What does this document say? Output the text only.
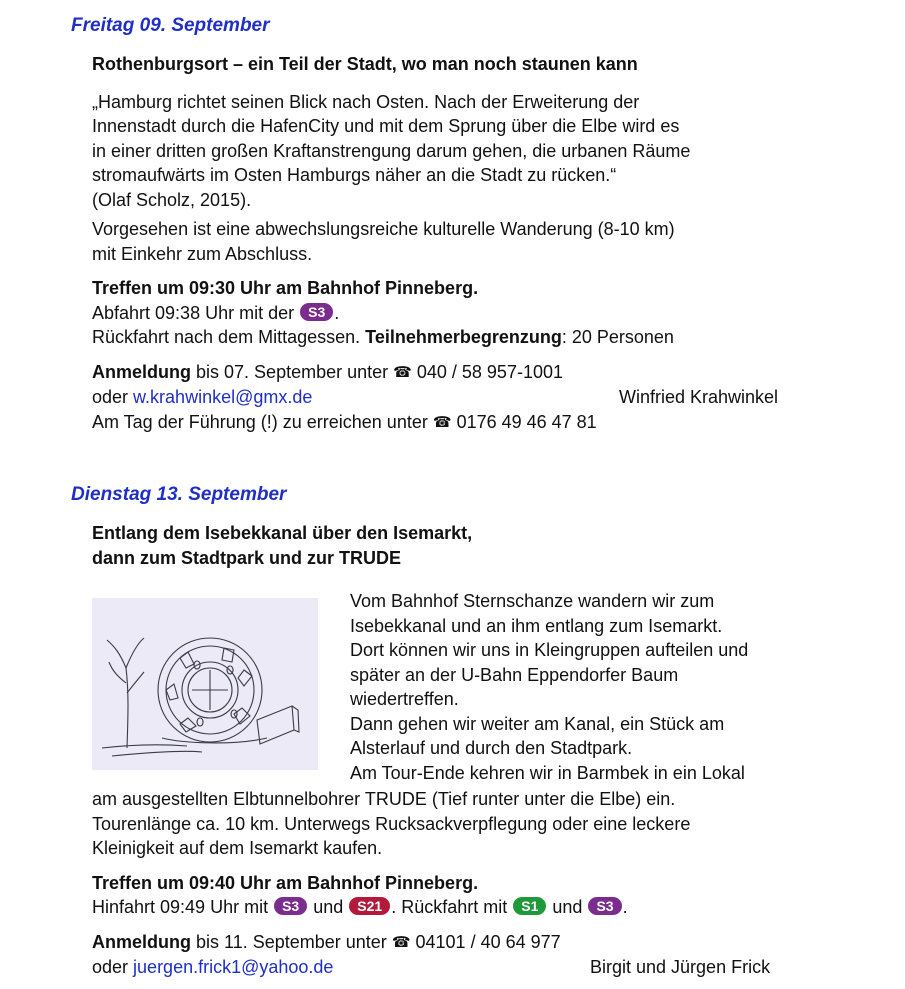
Freitag 09. September

Rothenburgsort – ein Teil der Stadt, wo man noch staunen kann

„Hamburg richtet seinen Blick nach Osten. Nach der Erweiterung der

Innenstadt durch die HafenCity und mit dem Sprung über die Elbe wird es

in einer dritten großen Kraftanstrengung darum gehen, die urbanen Räume

stromaufwärts im Osten Hamburgs näher an die Stadt zu rücken.“

(Olaf Scholz, 2015).

Vorgesehen ist eine abwechslungsreiche kulturelle Wanderung (8-10 km)

mit Einkehr zum Abschluss.

Treffen um 09:30 Uhr am Bahnhof Pinneberg.

Abfahrt 09:38 Uhr mit der S3 .

Rückfahrt nach dem Mittagessen. Teilnehmerbegrenzung: 20 Personen

Anmeldung bis 07. September unter ☎ 040 / 58 957-1001

oder w.krahwinkel@gmx.de	Winfried Krahwinkel

Am Tag der Führung (!) zu erreichen unter ☎ 0176 49 46 47 81

Dienstag 13. September

Entlang dem Isebekkanal über den Isemarkt,

dann zum Stadtpark und zur TRUDE

Vom Bahnhof Sternschanze wandern wir zum

Isebekkanal und an ihm entlang zum Isemarkt.

Dort können wir uns in Kleingruppen aufteilen und

später an der U-Bahn Eppendorfer Baum

wiedertreffen.

Dann gehen wir weiter am Kanal, ein Stück am

Alsterlauf und durch den Stadtpark.

Am Tour-Ende kehren wir in Barmbek in ein Lokal

am ausgestellten Elbtunnelbohrer TRUDE (Tief runter unter die Elbe) ein.

Tourenlänge ca. 10 km. Unterwegs Rucksackverpflegung oder eine leckere

Kleinigkeit auf dem Isemarkt kaufen.

Treffen um 09:40 Uhr am Bahnhof Pinneberg.

Hinfahrt 09:49 Uhr mit S3 und S21 . Rückfahrt mit S1 und S3 .

Anmeldung bis 11. September unter ☎ 04101 / 40 64 977

oder juergen.frick1@yahoo.de	Birgit und Jürgen Frick
